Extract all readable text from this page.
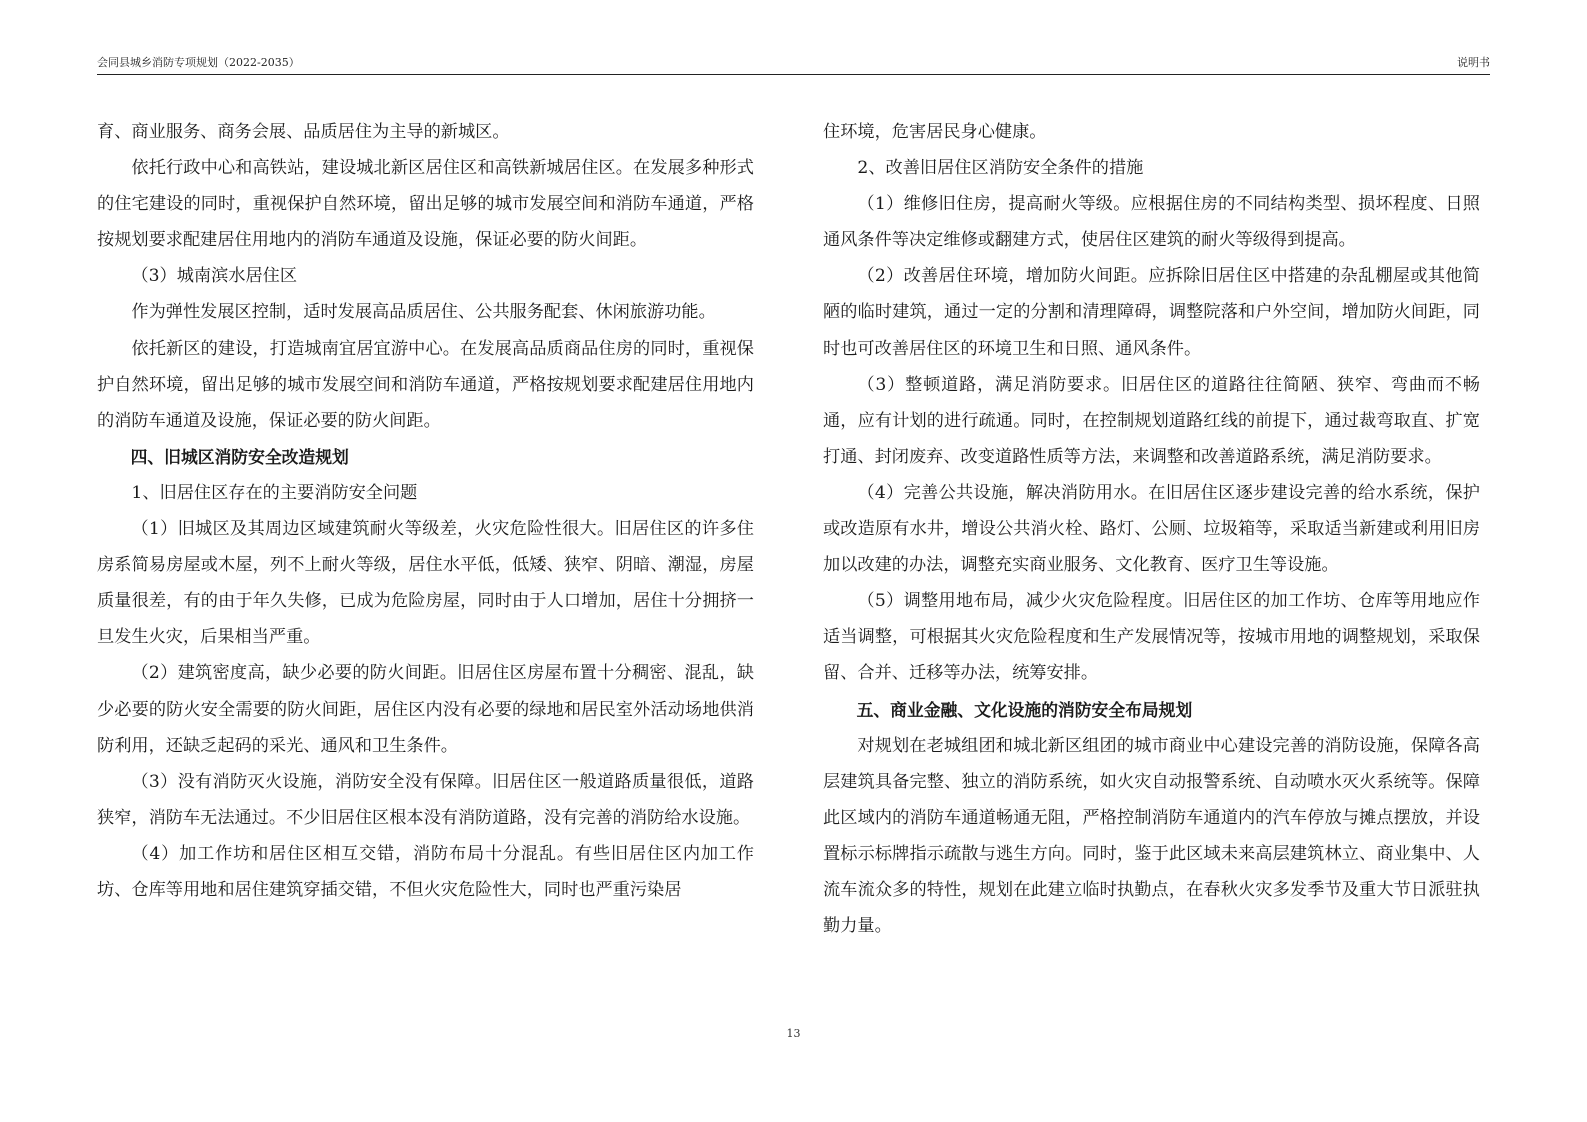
会同县城乡消防专项规划（2022-2035）	说明书

育、商业服务、商务会展、品质居住为主导的新城区。

依托行政中心和高铁站，建设城北新区居住区和高铁新城居住区。在发展多种形式的住宅建设的同时，重视保护自然环境，留出足够的城市发展空间和消防车通道，严格按规划要求配建居住用地内的消防车通道及设施，保证必要的防火间距。

（3）城南滨水居住区

作为弹性发展区控制，适时发展高品质居住、公共服务配套、休闲旅游功能。

依托新区的建设，打造城南宜居宜游中心。在发展高品质商品住房的同时，重视保护自然环境，留出足够的城市发展空间和消防车通道，严格按规划要求配建居住用地内的消防车通道及设施，保证必要的防火间距。

四、旧城区消防安全改造规划

1、旧居住区存在的主要消防安全问题

（1）旧城区及其周边区域建筑耐火等级差，火灾危险性很大。旧居住区的许多住房系简易房屋或木屋，列不上耐火等级，居住水平低，低矮、狭窄、阴暗、潮湿，房屋质量很差，有的由于年久失修，已成为危险房屋，同时由于人口增加，居住十分拥挤一旦发生火灾，后果相当严重。

（2）建筑密度高，缺少必要的防火间距。旧居住区房屋布置十分稠密、混乱，缺少必要的防火安全需要的防火间距，居住区内没有必要的绿地和居民室外活动场地供消防利用，还缺乏起码的采光、通风和卫生条件。

（3）没有消防灭火设施，消防安全没有保障。旧居住区一般道路质量很低，道路狭窄，消防车无法通过。不少旧居住区根本没有消防道路，没有完善的消防给水设施。

（4）加工作坊和居住区相互交错，消防布局十分混乱。有些旧居住区内加工作坊、仓库等用地和居住建筑穿插交错，不但火灾危险性大，同时也严重污染居

住环境，危害居民身心健康。

2、改善旧居住区消防安全条件的措施

（1）维修旧住房，提高耐火等级。应根据住房的不同结构类型、损坏程度、日照通风条件等决定维修或翻建方式，使居住区建筑的耐火等级得到提高。

（2）改善居住环境，增加防火间距。应拆除旧居住区中搭建的杂乱棚屋或其他简陋的临时建筑，通过一定的分割和清理障碍，调整院落和户外空间，增加防火间距，同时也可改善居住区的环境卫生和日照、通风条件。

（3）整顿道路，满足消防要求。旧居住区的道路往往简陋、狭窄、弯曲而不畅通，应有计划的进行疏通。同时，在控制规划道路红线的前提下，通过裁弯取直、扩宽打通、封闭废弃、改变道路性质等方法，来调整和改善道路系统，满足消防要求。

（4）完善公共设施，解决消防用水。在旧居住区逐步建设完善的给水系统，保护或改造原有水井，增设公共消火栓、路灯、公厕、垃圾箱等，采取适当新建或利用旧房加以改建的办法，调整充实商业服务、文化教育、医疗卫生等设施。

（5）调整用地布局，减少火灾危险程度。旧居住区的加工作坊、仓库等用地应作适当调整，可根据其火灾危险程度和生产发展情况等，按城市用地的调整规划，采取保留、合并、迁移等办法，统筹安排。

五、商业金融、文化设施的消防安全布局规划

对规划在老城组团和城北新区组团的城市商业中心建设完善的消防设施，保障各高层建筑具备完整、独立的消防系统，如火灾自动报警系统、自动喷水灭火系统等。保障此区域内的消防车通道畅通无阻，严格控制消防车通道内的汽车停放与摊点摆放，并设置标示标牌指示疏散与逃生方向。同时，鉴于此区域未来高层建筑林立、商业集中、人流车流众多的特性，规划在此建立临时执勤点，在春秋火灾多发季节及重大节日派驻执勤力量。

13
